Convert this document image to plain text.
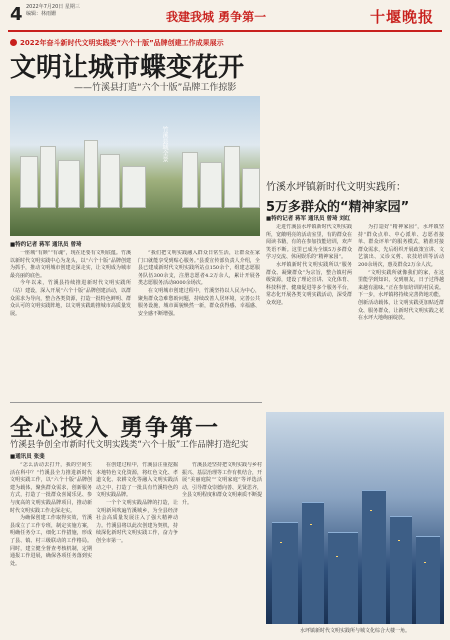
4 2022年7月20日 星期三
编辑：林雨姗	我建我城 勇争第一	十堰晚报
2022年奋斗新时代文明实践类“六个十版”品牌创建工作成果展示
文明让城市蝶变花开
——竹溪县打造“六个十版”品牌工作掠影
竹溪县城全景
■特约记者 蒋军 通讯员 曾琦

一座城“有颜”“有魂”，现在还要有文明底蕴。竹溪以新时代文明实践中心为龙头，以“六个十版”品牌创建为抓手，推动文明城市创建走深走实，让文明成为城市最亮丽的底色。

今年以来，竹溪县持续推进新时代文明实践所（站）建设，深入开展“六个十版”品牌创建活动，以群众需求为导向，整合各类资源，打造一批特色鲜明、群众认可的文明实践阵地，以文明实践助推城市高质量发展。

“我们把文明实践融入群众日常生活，让群众在家门口就能享受到贴心服务。”县委宣传部负责人介绍，全县已建成新时代文明实践所站点150余个，组建志愿服务队伍300余支，注册志愿者4.2万余人，累计开展各类志愿服务活动8000余场次。

在文明城市创建过程中，竹溪坚持以人民为中心，聚焦群众急难愁盼问题，持续改善人居环境，完善公共服务设施，城市面貌焕然一新，群众获得感、幸福感、安全感不断增强。

竹溪水坪镇新时代文明实践所：
5万多群众的“精神家园”
■特约记者 蒋军 通讯员 曾琦 刘红

走进竹溪县水坪镇新时代文明实践所，宽敞明亮的活动室里，有的群众在阅读书籍，有的在参加技能培训，欢声笑语不断。这里已成为全镇5万多群众学习交流、休闲娱乐的“精神家园”。

水坪镇新时代文明实践所以“服务群众、凝聚群众”为宗旨，整合镇村两级资源，建设了理论宣讲、文化体育、科技科普、健康促进等多个服务平台，常态化开展各类文明实践活动，深受群众欢迎。

为打造好“精神家园”，水坪镇坚持“群众点单、中心派单、志愿者接单、群众评单”的服务模式，精准对接群众需求，先后组织开展政策宣讲、文艺演出、义诊义剪、农技培训等活动200余场次，惠及群众2万余人次。

“文明实践所就像我们的家，在这里能学到知识，交到朋友，日子过得越来越有滋味。”正在参加培训的村民说。下一步，水坪镇将持续完善阵地功能，创新活动载体，让文明实践更加贴近群众、服务群众，让新时代文明实践之花在水坪大地绚丽绽放。

全心投入 勇争第一
竹溪县争创全市新时代文明实践类“六个十版”工作品牌打造纪实
■通讯员 张斐

“怎么活动去打开，我的空间生活在科中？”竹溪县全力推进新时代文明实践工作，以“六个十版”品牌创建为载体，聚焦群众需求，创新服务方式，打造了一批群众喜闻乐见、参与度高的文明实践品牌项目，推动新时代文明实践工作走深走实。

为确保创建工作取得实效，竹溪县成立了工作专班，制定实施方案，明确任务分工，细化工作措施，形成了县、镇、村三级联动的工作格局。同时，建立健全督查考核机制，定期通报工作进展，确保各项任务落到实处。

在创建过程中，竹溪县注重挖掘本地特色文化资源，将红色文化、孝道文化、农耕文化等融入文明实践活动之中，打造了一批具有竹溪特色的文明实践品牌。

一个个文明实践品牌的打造，让文明新风吹遍竹溪城乡，为全县经济社会高质量发展注入了强大精神动力。竹溪县将以此次创建为契机，持续深化新时代文明实践工作，奋力争创全市第一。

竹溪县还坚持把文明实践与乡村振兴、基层治理等工作有机结合，开展“美丽庭院”“文明家庭”等评选活动，引导群众崇德向善、见贤思齐，全县文明程度和群众文明素质不断提升。

水坪镇新时代文明实践所与城文化综合大楼一角。
